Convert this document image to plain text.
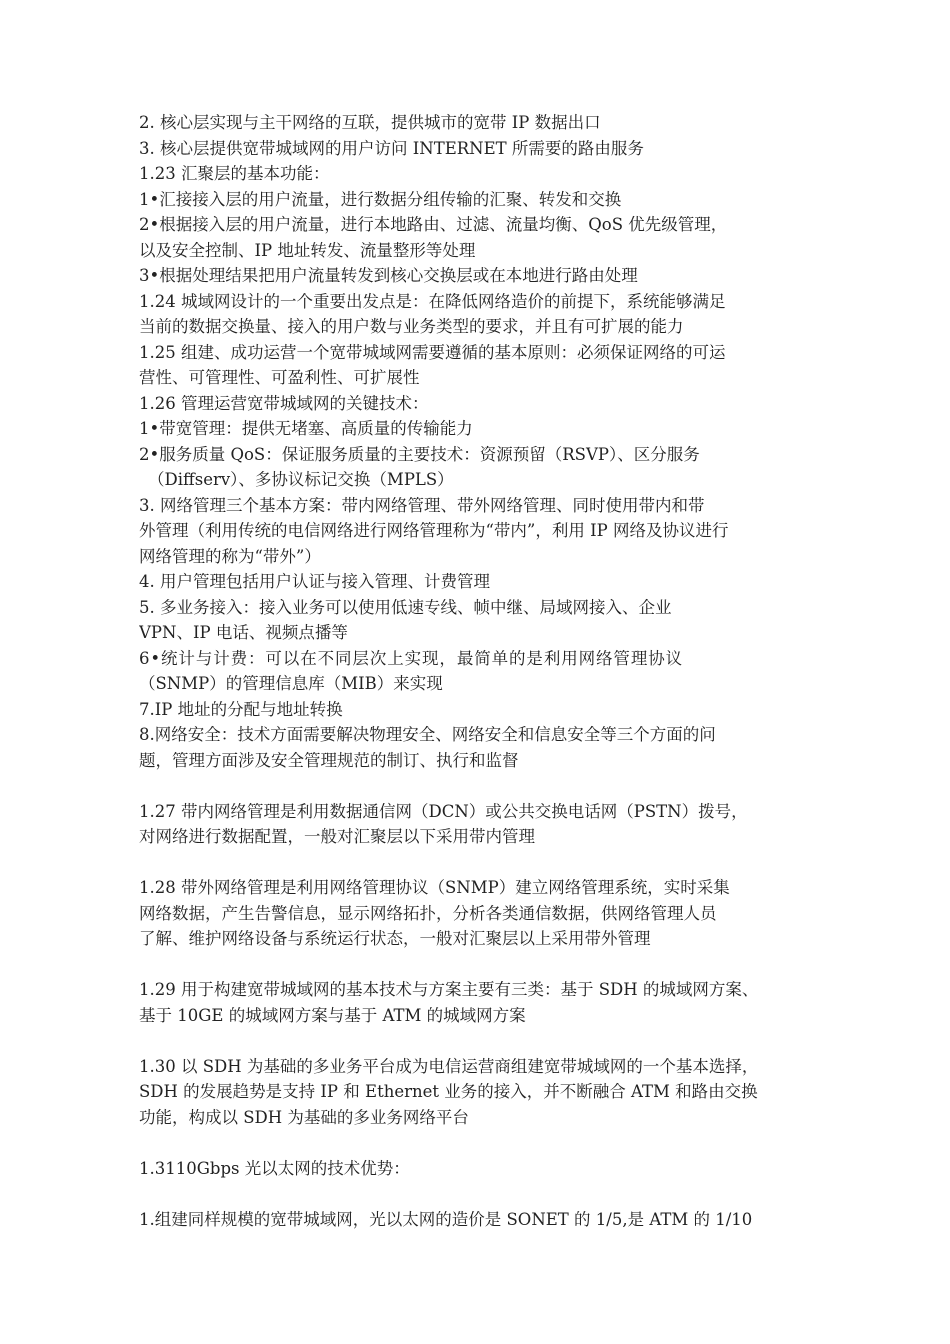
2. 核心层实现与主干网络的互联，提供城市的宽带 IP 数据出口
3. 核心层提供宽带城域网的用户访问 INTERNET 所需要的路由服务
1.23 汇聚层的基本功能：
1•汇接接入层的用户流量，进行数据分组传输的汇聚、转发和交换
2•根据接入层的用户流量，进行本地路由、过滤、流量均衡、QoS 优先级管理，
以及安全控制、IP 地址转发、流量整形等处理
3•根据处理结果把用户流量转发到核心交换层或在本地进行路由处理
1.24 城域网设计的一个重要出发点是：在降低网络造价的前提下，系统能够满足
当前的数据交换量、接入的用户数与业务类型的要求，并且有可扩展的能力
1.25 组建、成功运营一个宽带城域网需要遵循的基本原则：必须保证网络的可运
营性、可管理性、可盈利性、可扩展性
1.26 管理运营宽带城域网的关键技术：
1•带宽管理：提供无堵塞、高质量的传输能力
2•服务质量 QoS：保证服务质量的主要技术：资源预留（RSVP）、区分服务
（Diffserv）、多协议标记交换（MPLS）
3. 网络管理三个基本方案：带内网络管理、带外网络管理、同时使用带内和带
外管理（利用传统的电信网络进行网络管理称为“带内”，利用 IP 网络及协议进行
网络管理的称为“带外”）
4. 用户管理包括用户认证与接入管理、计费管理
5. 多业务接入：接入业务可以使用低速专线、帧中继、局域网接入、企业
VPN、IP 电话、视频点播等
6•统计与计费：可以在不同层次上实现，最简单的是利用网络管理协议
（SNMP）的管理信息库（MIB）来实现
7.IP 地址的分配与地址转换
8.网络安全：技术方面需要解决物理安全、网络安全和信息安全等三个方面的问
题，管理方面涉及安全管理规范的制订、执行和监督
1.27 带内网络管理是利用数据通信网（DCN）或公共交换电话网（PSTN）拨号，
对网络进行数据配置，一般对汇聚层以下采用带内管理
1.28 带外网络管理是利用网络管理协议（SNMP）建立网络管理系统，实时采集
网络数据，产生告警信息，显示网络拓扑，分析各类通信数据，供网络管理人员
了解、维护网络设备与系统运行状态，一般对汇聚层以上采用带外管理
1.29 用于构建宽带城域网的基本技术与方案主要有三类：基于 SDH 的城域网方案、
基于 10GE 的城域网方案与基于 ATM 的城域网方案
1.30 以 SDH 为基础的多业务平台成为电信运营商组建宽带城域网的一个基本选择，
SDH 的发展趋势是支持 IP 和 Ethernet 业务的接入，并不断融合 ATM 和路由交换
功能，构成以 SDH 为基础的多业务网络平台
1.3110Gbps 光以太网的技术优势：
1.组建同样规模的宽带城域网，光以太网的造价是 SONET 的 1/5,是 ATM 的 1/10
